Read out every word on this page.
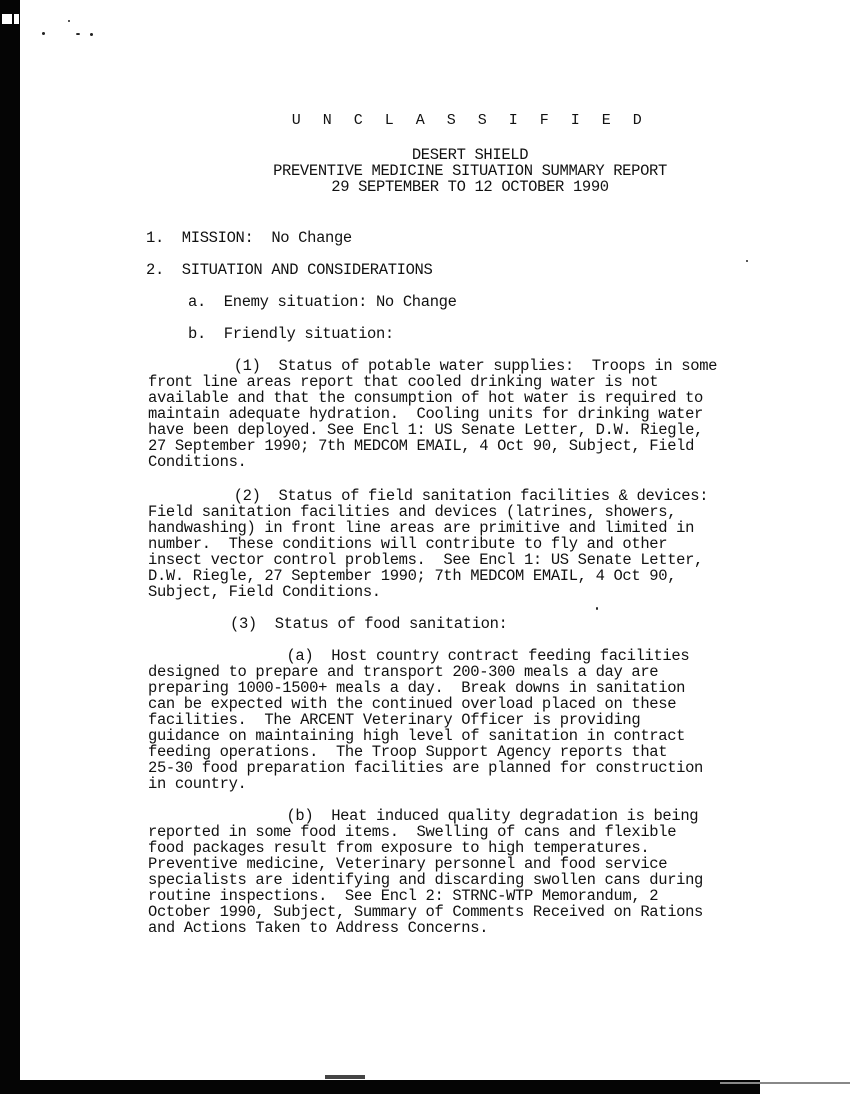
U N C L A S S I F I E D
DESERT SHIELD
PREVENTIVE MEDICINE SITUATION SUMMARY REPORT
29 SEPTEMBER TO 12 OCTOBER 1990
1.  MISSION:  No Change
2.  SITUATION AND CONSIDERATIONS
a.  Enemy situation: No Change
b.  Friendly situation:
(1)  Status of potable water supplies:  Troops in some
front line areas report that cooled drinking water is not
available and that the consumption of hot water is required to
maintain adequate hydration.  Cooling units for drinking water
have been deployed. See Encl 1: US Senate Letter, D.W. Riegle,
27 September 1990; 7th MEDCOM EMAIL, 4 Oct 90, Subject, Field
Conditions.
(2)  Status of field sanitation facilities & devices:
Field sanitation facilities and devices (latrines, showers,
handwashing) in front line areas are primitive and limited in
number.  These conditions will contribute to fly and other
insect vector control problems.  See Encl 1: US Senate Letter,
D.W. Riegle, 27 September 1990; 7th MEDCOM EMAIL, 4 Oct 90,
Subject, Field Conditions.
(3)  Status of food sanitation:
(a)  Host country contract feeding facilities
designed to prepare and transport 200-300 meals a day are
preparing 1000-1500+ meals a day.  Break downs in sanitation
can be expected with the continued overload placed on these
facilities.  The ARCENT Veterinary Officer is providing
guidance on maintaining high level of sanitation in contract
feeding operations.  The Troop Support Agency reports that
25-30 food preparation facilities are planned for construction
in country.
(b)  Heat induced quality degradation is being
reported in some food items.  Swelling of cans and flexible
food packages result from exposure to high temperatures.
Preventive medicine, Veterinary personnel and food service
specialists are identifying and discarding swollen cans during
routine inspections.  See Encl 2: STRNC-WTP Memorandum, 2
October 1990, Subject, Summary of Comments Received on Rations
and Actions Taken to Address Concerns.
